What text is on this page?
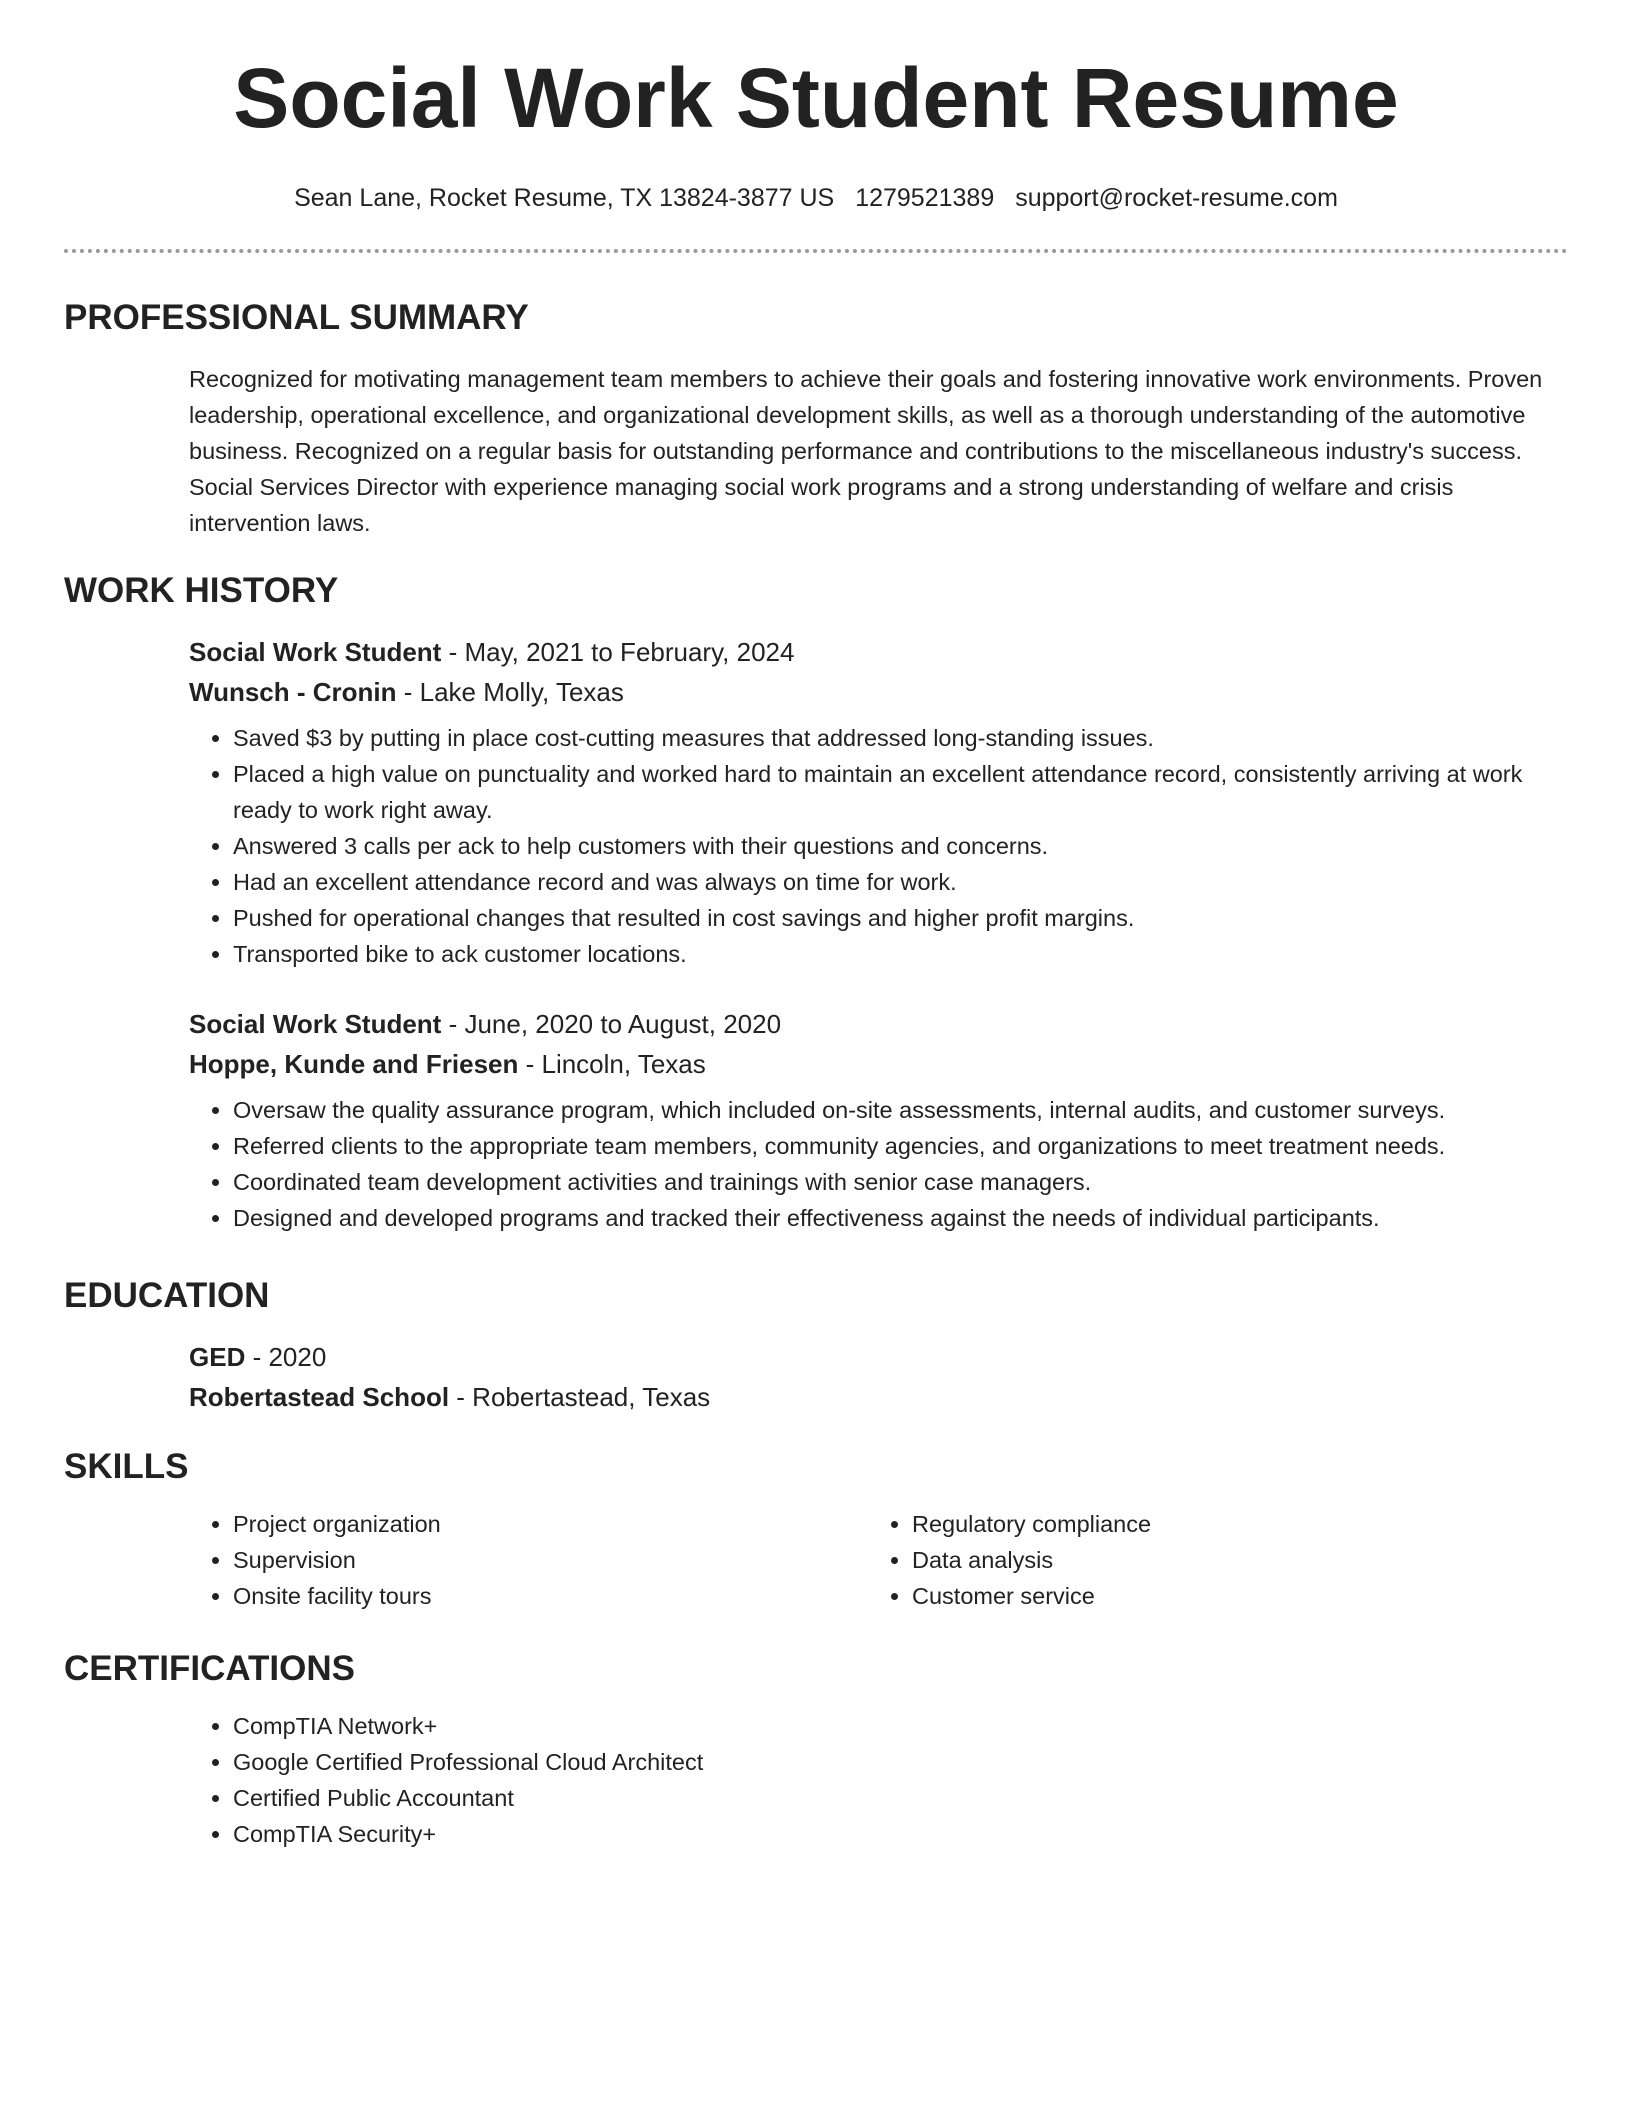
Social Work Student Resume
Sean Lane, Rocket Resume, TX 13824-3877 US 1279521389 support@rocket-resume.com
PROFESSIONAL SUMMARY

Recognized for motivating management team members to achieve their goals and fostering innovative work environments. Proven leadership, operational excellence, and organizational development skills, as well as a thorough understanding of the automotive business. Recognized on a regular basis for outstanding performance and contributions to the miscellaneous industry's success. Social Services Director with experience managing social work programs and a strong understanding of welfare and crisis intervention laws.

WORK HISTORY

Social Work Student - May, 2021 to February, 2024

Wunsch - Cronin - Lake Molly, Texas

• Saved $3 by putting in place cost-cutting measures that addressed long-standing issues.
• Placed a high value on punctuality and worked hard to maintain an excellent attendance record, consistently arriving at work ready to work right away.
• Answered 3 calls per ack to help customers with their questions and concerns.
• Had an excellent attendance record and was always on time for work.
• Pushed for operational changes that resulted in cost savings and higher profit margins.
• Transported bike to ack customer locations.

Social Work Student - June, 2020 to August, 2020

Hoppe, Kunde and Friesen - Lincoln, Texas

• Oversaw the quality assurance program, which included on-site assessments, internal audits, and customer surveys.
• Referred clients to the appropriate team members, community agencies, and organizations to meet treatment needs.
• Coordinated team development activities and trainings with senior case managers.
• Designed and developed programs and tracked their effectiveness against the needs of individual participants.
EDUCATION

GED - 2020

Robertastead School - Robertastead, Texas

SKILLS
• Project organization
• Supervision
• Onsite facility tours
• Regulatory compliance
• Data analysis
• Customer service
CERTIFICATIONS
• CompTIA Network+
• Google Certified Professional Cloud Architect
• Certified Public Accountant
• CompTIA Security+
